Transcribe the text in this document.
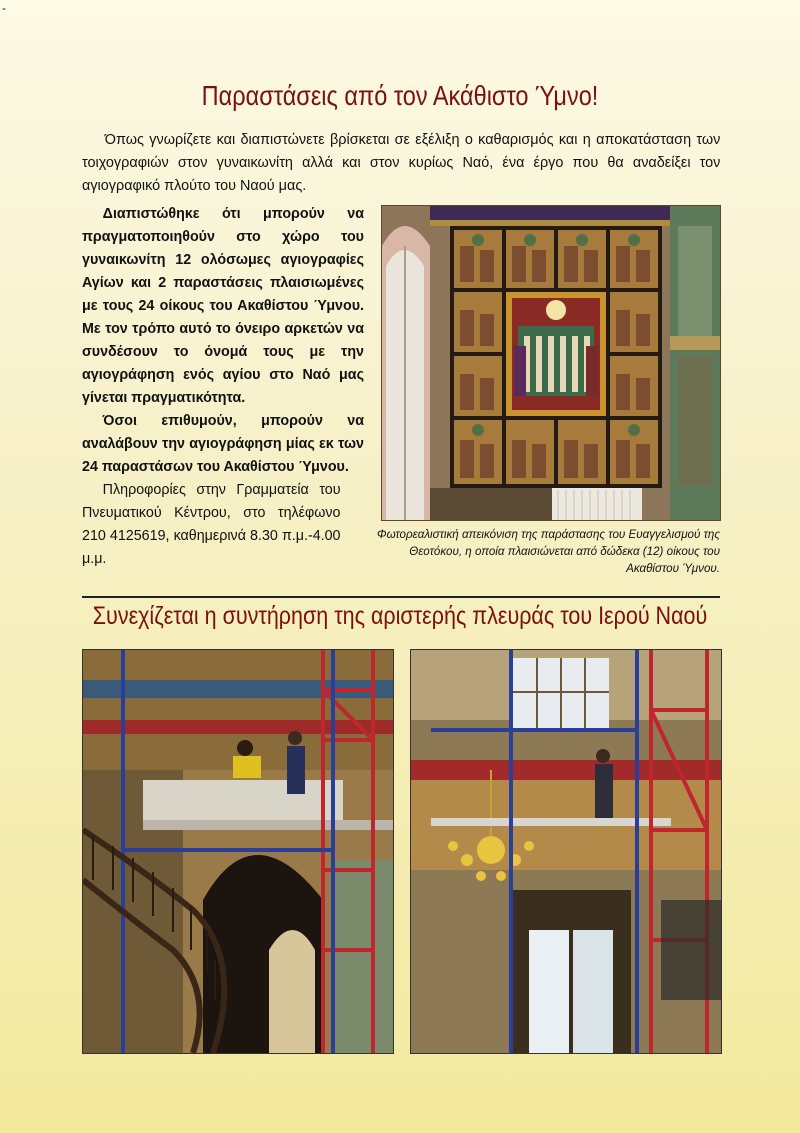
-
Παραστάσεις από τον Ακάθιστο Ύμνο!

Όπως γνωρίζετε και διαπιστώνετε βρίσκεται σε εξέλιξη ο καθαρισμός και η αποκατάσταση των τοιχογραφιών στον γυναικωνίτη αλλά και στον κυρίως Ναό, ένα έργο που θα αναδείξει τον αγιογραφικό πλούτο του Ναού μας.

Διαπιστώθηκε ότι μπορούν να πραγματοποιηθούν στο χώρο του γυναικωνίτη 12 ολόσωμες αγιογραφίες Αγίων και 2 παραστάσεις πλαισιωμένες με τους 24 οίκους του Ακαθίστου Ύμνου. Με τον τρόπο αυτό το όνειρο αρκετών να συνδέσουν το όνομά τους με την αγιογράφηση ενός αγίου στο Ναό μας γίνεται πραγματικότητα.

Όσοι επιθυμούν, μπορούν να αναλάβουν την αγιογράφηση μίας εκ των 24 παραστάσων του Ακαθίστου Ύμνου.

Πληροφορίες στην Γραμματεία του Πνευματικού Κέντρου, στο τηλέφωνο 210 4125619, καθημερινά 8.30 π.μ.-4.00 μ.μ.

Φωτορεαλιστική απεικόνιση της παράστασης του Ευαγγελισμού της Θεοτόκου, η οποία πλαισιώνεται από δώδεκα (12) οίκους του Ακαθίστου Ύμνου.
Συνεχίζεται η συντήρηση της αριστερής πλευράς του Ιερού Ναού
